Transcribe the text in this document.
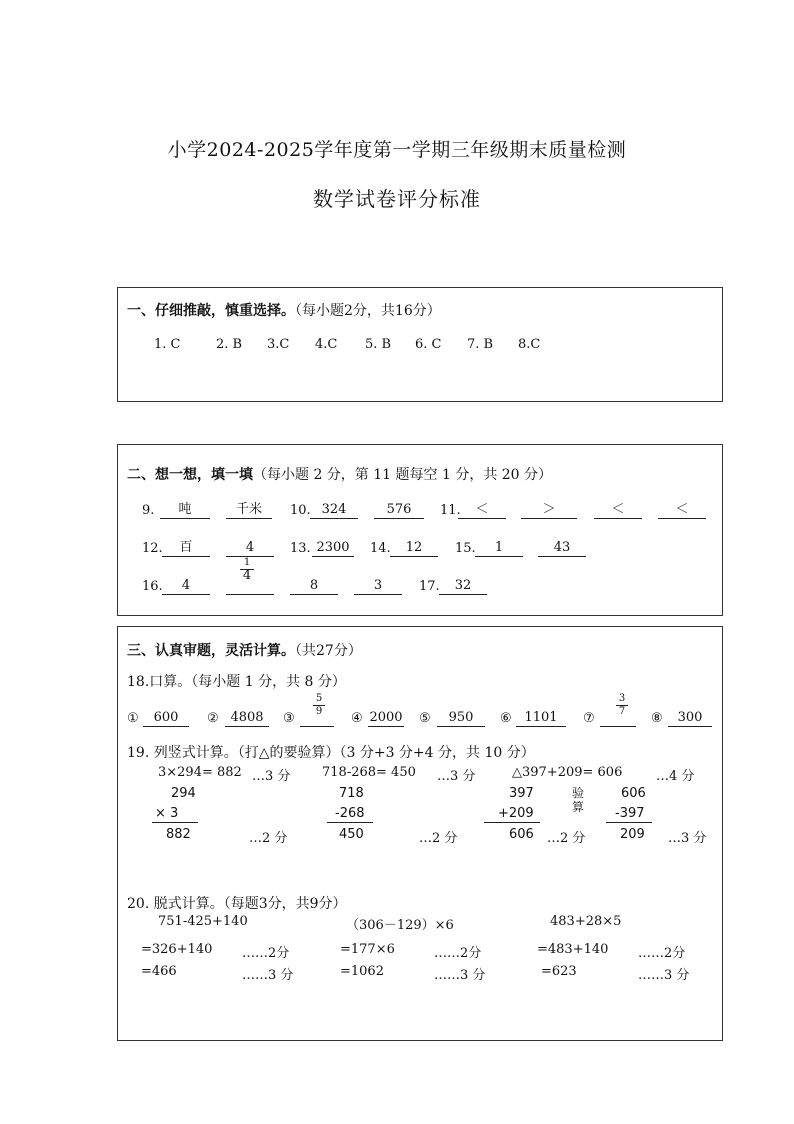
小学2024-2025学年度第一学期三年级期末质量检测
数学试卷评分标准
一、仔细推敲，慎重选择。（每小题2分，共16分）
1. C	2. B 3.C 4.C 5. B 6. C 7. B 8.C
二、想一想，填一填（每小题 2 分，第 11 题每空 1 分，共 20 分）
9.	吨	千米	10. 324	576	11.	＜	＞	＜	＜
12.	百	4	13. 2300	14.	12	15.	1	43
16.	4
1
4
8	3	17.	32
三、认真审题，灵活计算。（共27分）
18.口算。（每小题 1 分，共 8 分）
①	600	② 4808	③
5
9 ④ 2000 ⑤	950	⑥ 1101	⑦
3
7 ⑧	300
19. 列竖式计算。（打△的要验算）（3 分+3 分+4 分，共 10 分）
3×294= 882 …3 分 718-268= 450 …3 分	△397+209= 606	…4 分
294
× 3
882	…2 分
718
-268
450	…2 分
397
+209
606 …2 分
验算
606
-397
209 …3 分
20. 脱式计算。（每题3分，共9分）
751-425+140
=326+140 ……2分
=466	……3 分
（306－129）×6
=177×6	……2分
=1062	……3 分
483+28×5
=483+140 ……2分
=623	……3 分
